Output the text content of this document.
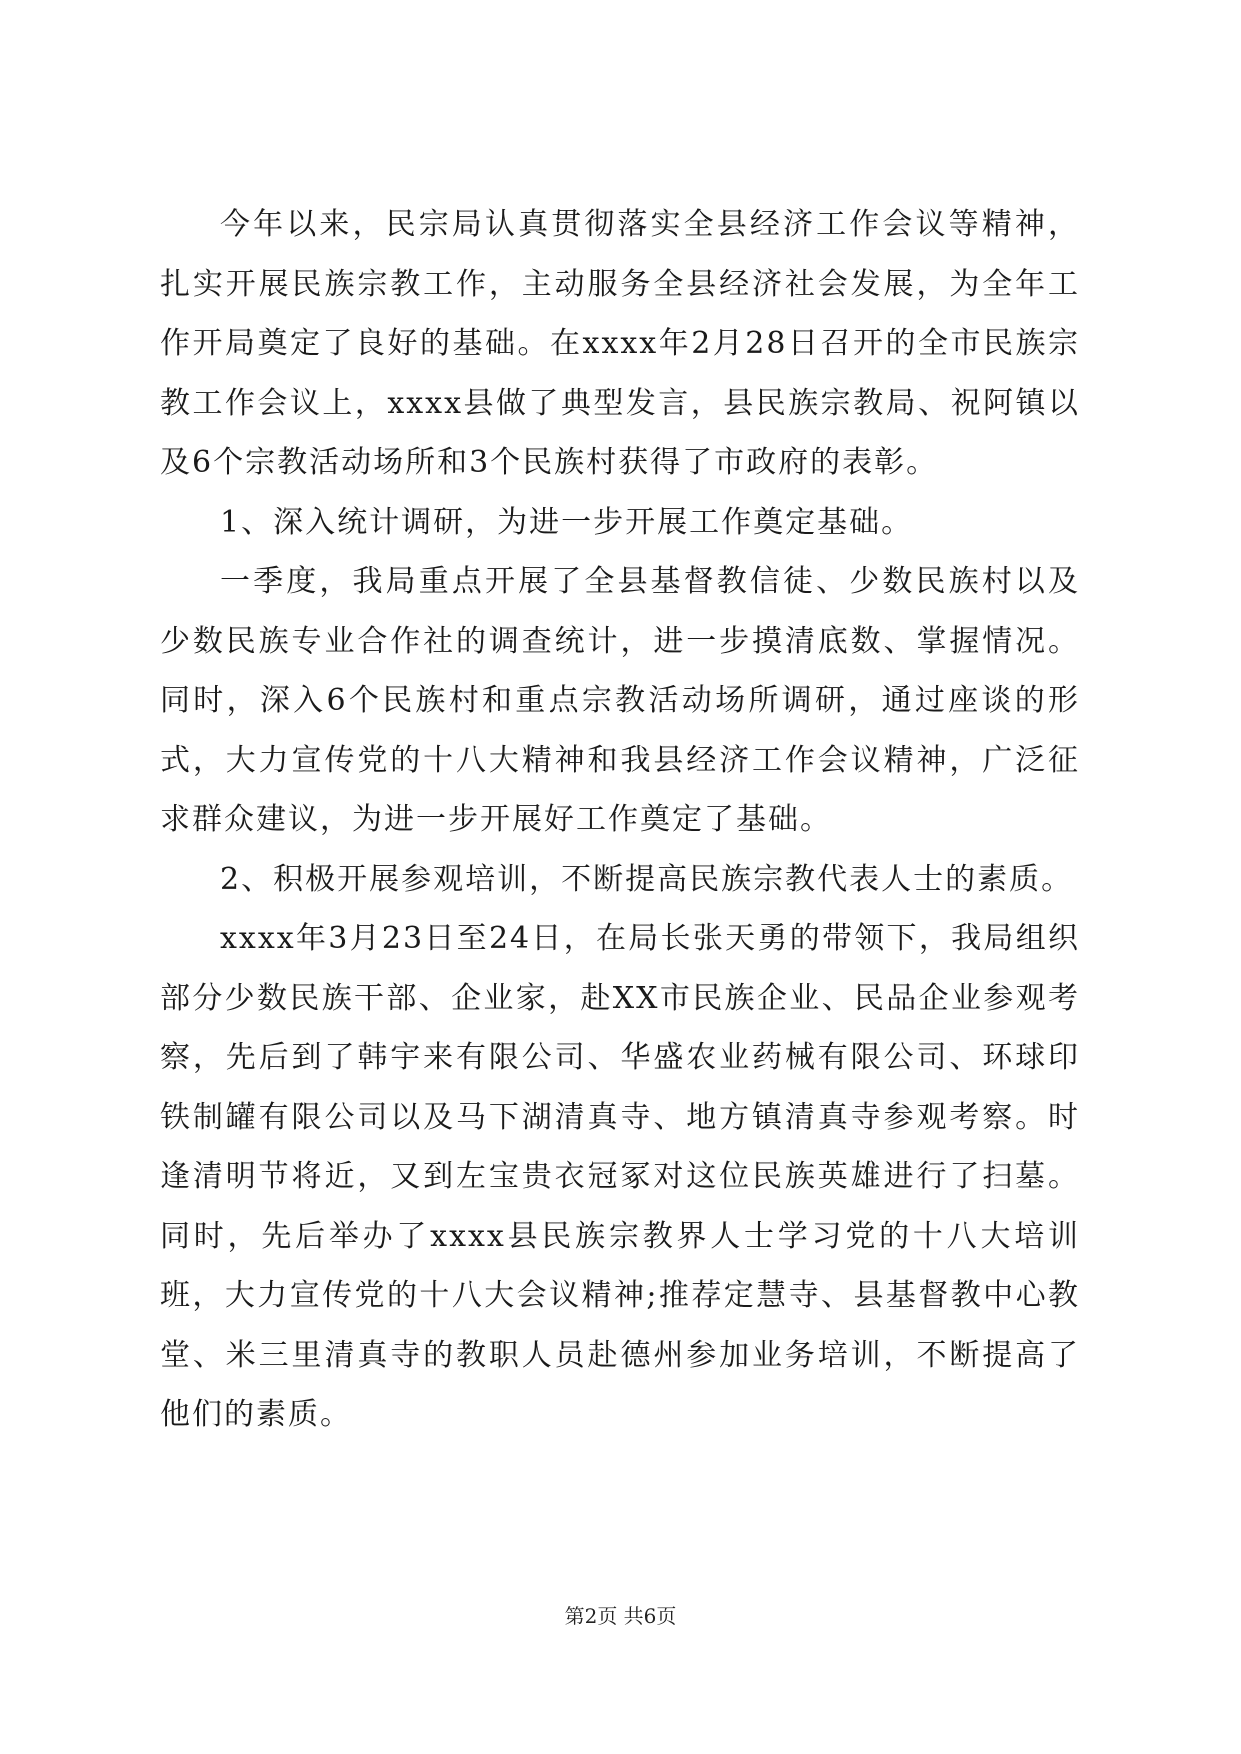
今年以来，民宗局认真贯彻落实全县经济工作会议等精神，扎实开展民族宗教工作，主动服务全县经济社会发展，为全年工作开局奠定了良好的基础。在xxxx年2月28日召开的全市民族宗教工作会议上，xxxx县做了典型发言，县民族宗教局、祝阿镇以及6个宗教活动场所和3个民族村获得了市政府的表彰。

1、深入统计调研，为进一步开展工作奠定基础。

一季度，我局重点开展了全县基督教信徒、少数民族村以及少数民族专业合作社的调查统计，进一步摸清底数、掌握情况。同时，深入6个民族村和重点宗教活动场所调研，通过座谈的形式，大力宣传党的十八大精神和我县经济工作会议精神，广泛征求群众建议，为进一步开展好工作奠定了基础。

2、积极开展参观培训，不断提高民族宗教代表人士的素质。

xxxx年3月23日至24日，在局长张天勇的带领下，我局组织部分少数民族干部、企业家，赴XX市民族企业、民品企业参观考察，先后到了韩宇来有限公司、华盛农业药械有限公司、环球印铁制罐有限公司以及马下湖清真寺、地方镇清真寺参观考察。时逢清明节将近，又到左宝贵衣冠冢对这位民族英雄进行了扫墓。同时，先后举办了xxxx县民族宗教界人士学习党的十八大培训班，大力宣传党的十八大会议精神;推荐定慧寺、县基督教中心教堂、米三里清真寺的教职人员赴德州参加业务培训，不断提高了他们的素质。

第2页 共6页
